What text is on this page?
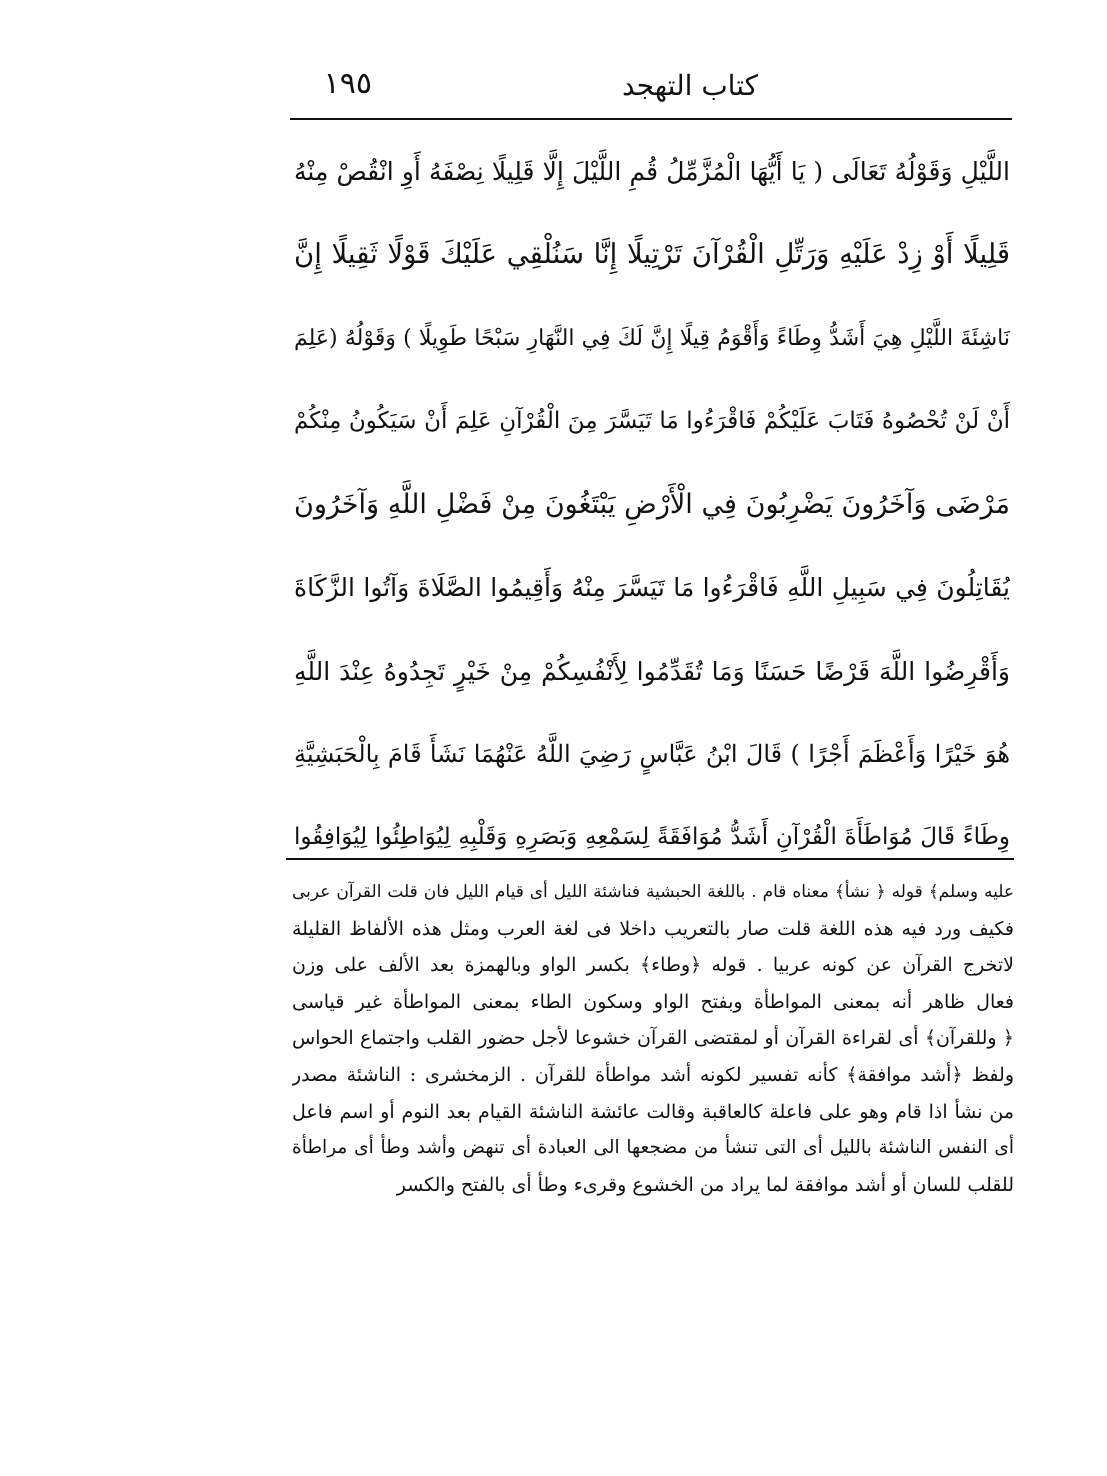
كتاب التهجد
١٩٥
اللَّيْلِ وَقَوْلُهُ تَعَالَى ( يَا أَيُّهَا الْمُزَّمِّلُ قُمِ اللَّيْلَ إِلَّا قَلِيلًا نِصْفَهُ أَوِ انْقُصْ مِنْهُ
قَلِيلًا أَوْ زِدْ عَلَيْهِ وَرَتِّلِ الْقُرْآنَ تَرْتِيلًا إِنَّا سَنُلْقِي عَلَيْكَ قَوْلًا ثَقِيلًا إِنَّ
نَاشِئَةَ اللَّيْلِ هِيَ أَشَدُّ وِطَاءً وَأَقْوَمُ قِيلًا إِنَّ لَكَ فِي النَّهَارِ سَبْحًا طَوِيلًا ) وَقَوْلُهُ (عَلِمَ
أَنْ لَنْ تُحْصُوهُ فَتَابَ عَلَيْكُمْ فَاقْرَءُوا مَا تَيَسَّرَ مِنَ الْقُرْآنِ عَلِمَ أَنْ سَيَكُونُ مِنْكُمْ
مَرْضَى وَآخَرُونَ يَضْرِبُونَ فِي الْأَرْضِ يَبْتَغُونَ مِنْ فَضْلِ اللَّهِ وَآخَرُونَ
يُقَاتِلُونَ فِي سَبِيلِ اللَّهِ فَاقْرَءُوا مَا تَيَسَّرَ مِنْهُ وَأَقِيمُوا الصَّلَاةَ وَآتُوا الزَّكَاةَ
وَأَقْرِضُوا اللَّهَ قَرْضًا حَسَنًا وَمَا تُقَدِّمُوا لِأَنْفُسِكُمْ مِنْ خَيْرٍ تَجِدُوهُ عِنْدَ اللَّهِ
هُوَ خَيْرًا وَأَعْظَمَ أَجْرًا ) قَالَ ابْنُ عَبَّاسٍ رَضِيَ اللَّهُ عَنْهُمَا نَشَأَ قَامَ بِالْحَبَشِيَّةِ
وِطَاءً قَالَ مُوَاطَأَةَ الْقُرْآنِ أَشَدُّ مُوَافَقَةً لِسَمْعِهِ وَبَصَرِهِ وَقَلْبِهِ لِيُوَاطِئُوا لِيُوَافِقُوا
عليه وسلم﴾ قوله ﴿ نشأ﴾ معناه قام . باللغة الحبشية فناشئة الليل أى قيام الليل فان قلت القرآن عربى
فكيف ورد فيه هذه اللغة قلت صار بالتعريب داخلا فى لغة العرب ومثل هذه الألفاظ القليلة
لاتخرج القرآن عن كونه عربيا . قوله ﴿وطاء﴾ بكسر الواو وبالهمزة بعد الألف على وزن
فعال ظاهر أنه بمعنى المواطأة وبفتح الواو وسكون الطاء بمعنى المواطأة غير قياسى
﴿ وللقرآن﴾ أى لقراءة القرآن أو لمقتضى القرآن خشوعا لأجل حضور القلب واجتماع الحواس
ولفظ ﴿أشد موافقة﴾ كأنه تفسير لكونه أشد مواطأة للقرآن . الزمخشرى : الناشئة مصدر
من نشأ اذا قام وهو على فاعلة كالعاقبة وقالت عائشة الناشئة القيام بعد النوم أو اسم فاعل
أى النفس الناشئة بالليل أى التى تنشأ من مضجعها الى العبادة أى تنهض وأشد وطأ أى مراطأة
للقلب للسان أو أشد موافقة لما يراد من الخشوع وقرىء وطأ أى بالفتح والكسر
